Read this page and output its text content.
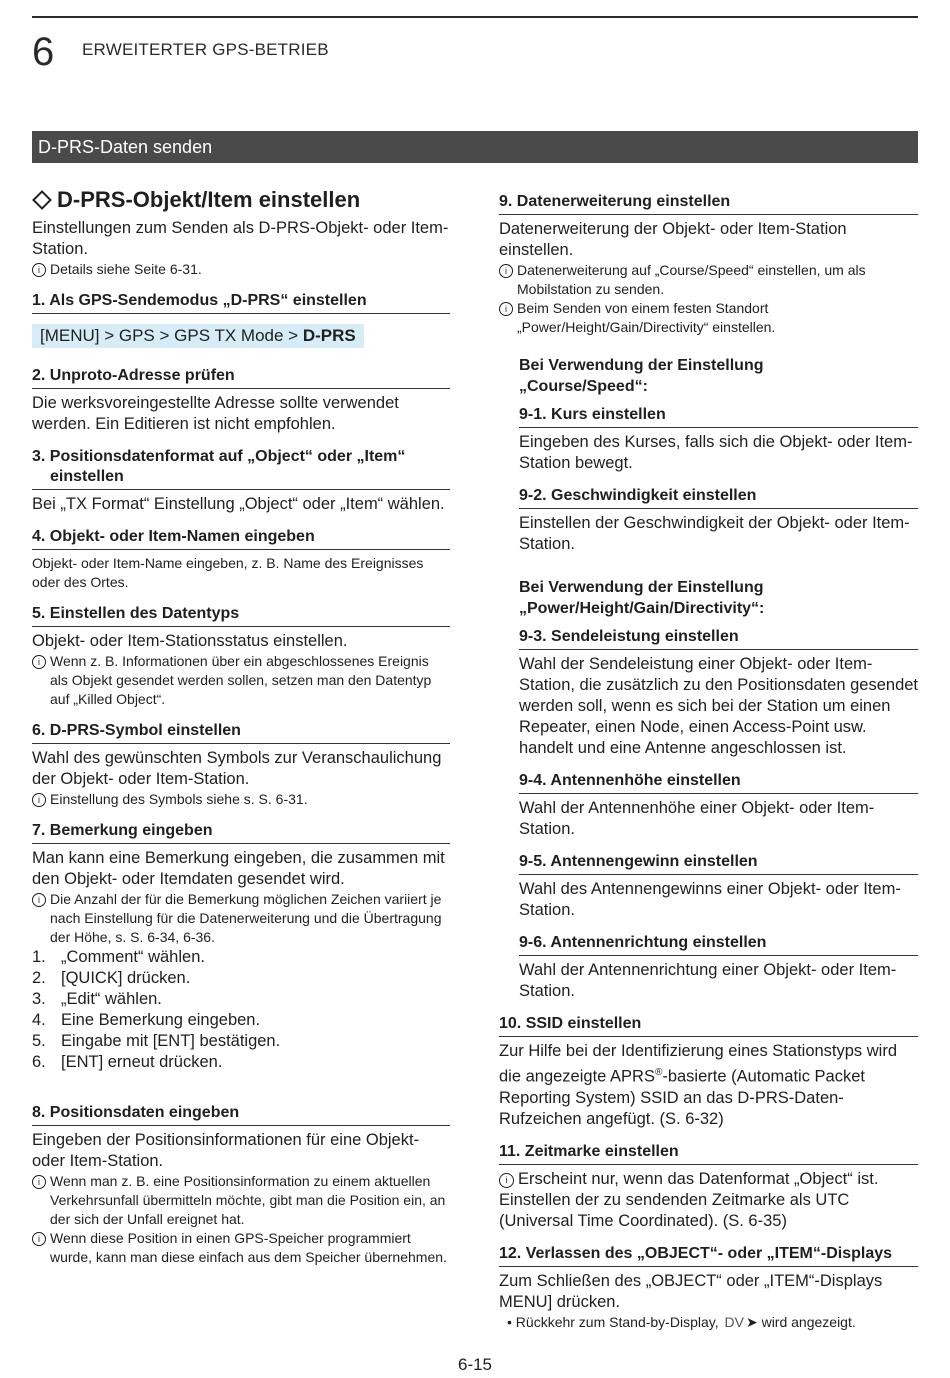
6 ERWEITERTER GPS-BETRIEB
D-PRS-Daten senden
D-PRS-Objekt/Item einstellen

Einstellungen zum Senden als D-PRS-Objekt- oder Item-Station.

i Details siehe Seite 6-31.

1. Als GPS-Sendemodus „D-PRS“ einstellen
[MENU] > GPS > GPS TX Mode > D-PRS
2. Unproto-Adresse prüfen

Die werksvoreingestellte Adresse sollte verwendet werden. Ein Editieren ist nicht empfohlen.

3. Positionsdatenformat auf „Object“ oder „Item“
einstellen

Bei „TX Format“ Einstellung „Object“ oder „Item“ wählen.

4. Objekt- oder Item-Namen eingeben

Objekt- oder Item-Name eingeben, z. B. Name des Ereignisses oder des Ortes.

5. Einstellen des Datentyps

Objekt- oder Item-Stationsstatus einstellen.

i Wenn z. B. Informationen über ein abgeschlossenes Ereignis als Objekt gesendet werden sollen, setzen man den Datentyp auf „Killed Object“.

6. D-PRS-Symbol einstellen

Wahl des gewünschten Symbols zur Veranschaulichung der Objekt- oder Item-Station.

i Einstellung des Symbols siehe s. S. 6-31.

7. Bemerkung eingeben

Man kann eine Bemerkung eingeben, die zusammen mit den Objekt- oder Itemdaten gesendet wird.

i Die Anzahl der für die Bemerkung möglichen Zeichen variiert je nach Einstellung für die Datenerweiterung und die Übertragung der Höhe, s. S. 6-34, 6-36.

1. „Comment“ wählen.
2. [QUICK] drücken.
3. „Edit“ wählen.
4. Eine Bemerkung eingeben.
5. Eingabe mit [ENT] bestätigen.
6. [ENT] erneut drücken.
8. Positionsdaten eingeben

Eingeben der Positionsinformationen für eine Objekt- oder Item-Station.

i Wenn man z. B. eine Positionsinformation zu einem aktuellen Verkehrsunfall übermitteln möchte, gibt man die Position ein, an der sich der Unfall ereignet hat.

i Wenn diese Position in einen GPS-Speicher programmiert wurde, kann man diese einfach aus dem Speicher übernehmen.

9. Datenerweiterung einstellen

Datenerweiterung der Objekt- oder Item-Station einstellen.

i Datenerweiterung auf „Course/Speed“ einstellen, um als Mobilstation zu senden.

i Beim Senden von einem festen Standort „Power/Height/Gain/Directivity“ einstellen.

Bei Verwendung der Einstellung
„Course/Speed“:
9-1. Kurs einstellen

Eingeben des Kurses, falls sich die Objekt- oder Item-Station bewegt.

9-2. Geschwindigkeit einstellen

Einstellen der Geschwindigkeit der Objekt- oder Item- Station.

Bei Verwendung der Einstellung
„Power/Height/Gain/Directivity“:
9-3. Sendeleistung einstellen

Wahl der Sendeleistung einer Objekt- oder Item-Station, die zusätzlich zu den Positionsdaten gesendet werden soll, wenn es sich bei der Station um einen Repeater, einen Node, einen Access-Point usw. handelt und eine Antenne angeschlossen ist.

9-4. Antennenhöhe einstellen

Wahl der Antennenhöhe einer Objekt- oder Item-Station.

9-5. Antennengewinn einstellen

Wahl des Antennengewinns einer Objekt- oder Item-Station.

9-6. Antennenrichtung einstellen

Wahl der Antennenrichtung einer Objekt- oder Item-Station.

10. SSID einstellen

Zur Hilfe bei der Identifizierung eines Stationstyps wird die angezeigte APRS®-basierte (Automatic Packet Reporting System) SSID an das D-PRS-Daten-Rufzeichen angefügt. (S. 6-32)

11. Zeitmarke einstellen

i Erscheint nur, wenn das Datenformat „Object“ ist. Einstellen der zu sendenden Zeitmarke als UTC (Universal Time Coordinated). (S. 6-35)

12. Verlassen des „OBJECT“- oder „ITEM“-Displays

Zum Schließen des „OBJECT“ oder „ITEM“-Displays MENU] drücken.

• Rückkehr zum Stand-by-Display, DV ➤ wird angezeigt.

6-15
